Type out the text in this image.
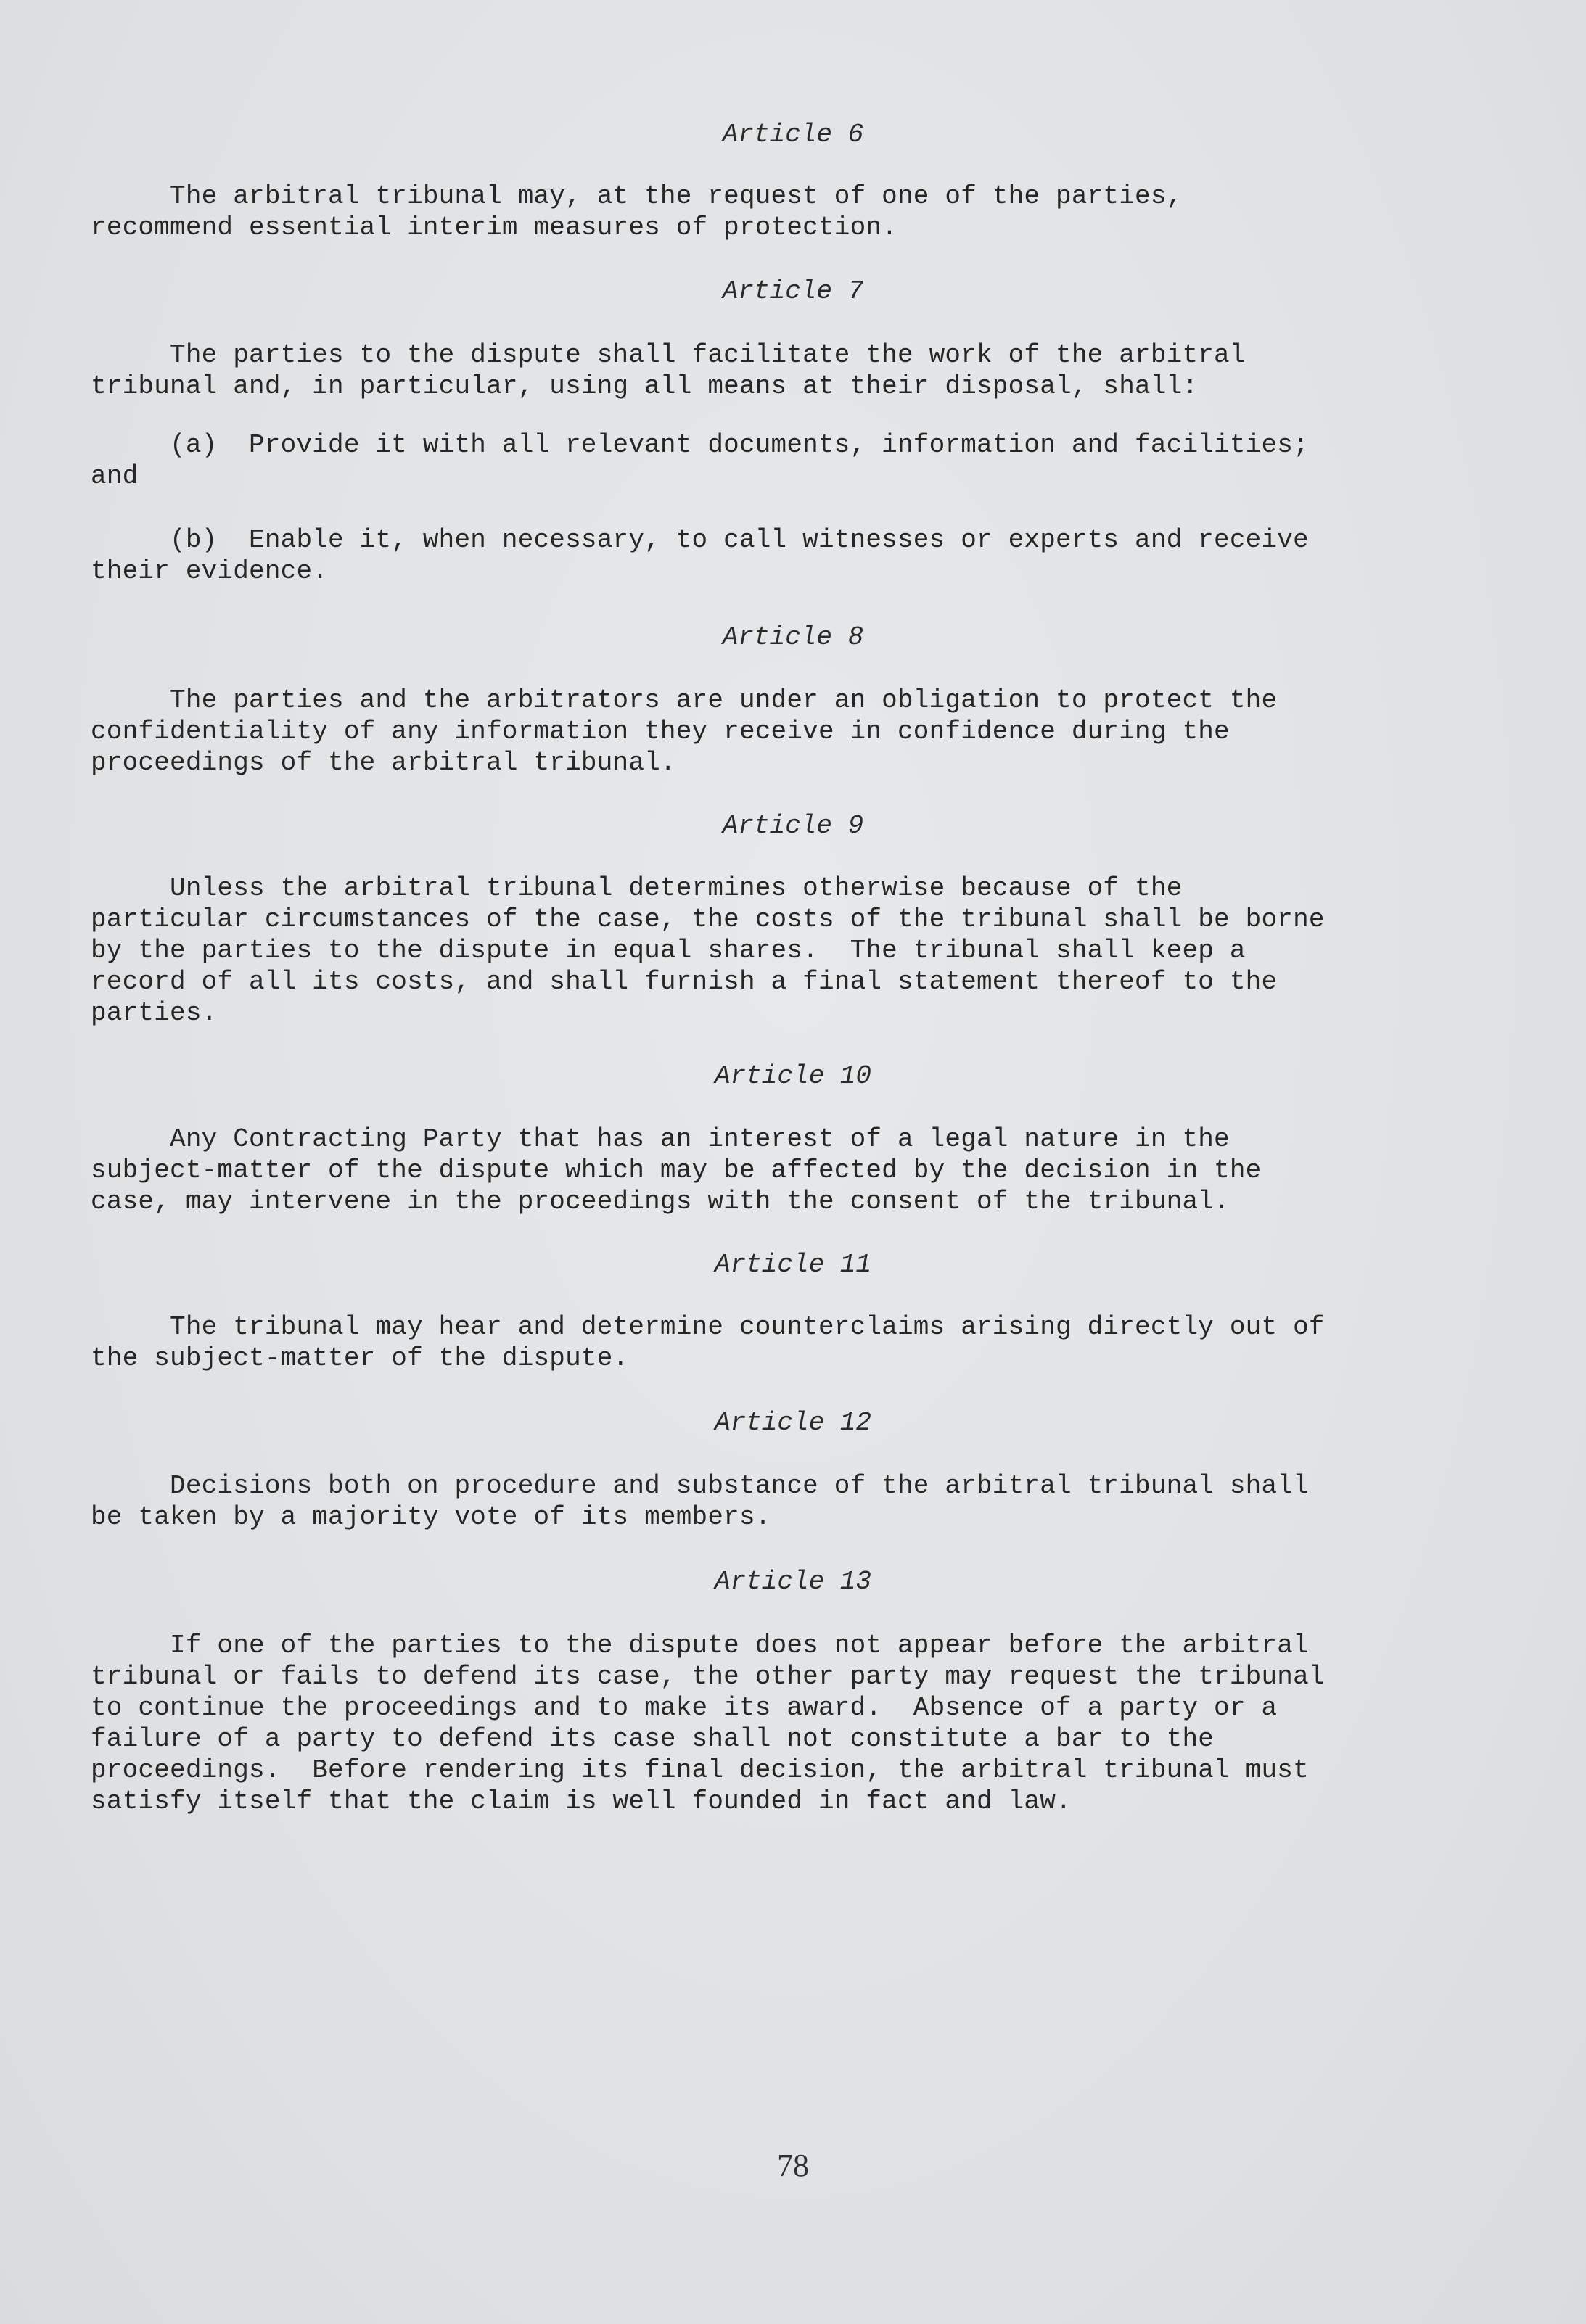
Article 6

The arbitral tribunal may, at the request of one of the parties,
recommend essential interim measures of protection.

Article 7

The parties to the dispute shall facilitate the work of the arbitral
tribunal and, in particular, using all means at their disposal, shall:

(a)  Provide it with all relevant documents, information and facilities;
and

(b)  Enable it, when necessary, to call witnesses or experts and receive
their evidence.

Article 8

The parties and the arbitrators are under an obligation to protect the
confidentiality of any information they receive in confidence during the
proceedings of the arbitral tribunal.

Article 9

Unless the arbitral tribunal determines otherwise because of the
particular circumstances of the case, the costs of the tribunal shall be borne
by the parties to the dispute in equal shares.  The tribunal shall keep a
record of all its costs, and shall furnish a final statement thereof to the
parties.

Article 10

Any Contracting Party that has an interest of a legal nature in the
subject-matter of the dispute which may be affected by the decision in the
case, may intervene in the proceedings with the consent of the tribunal.

Article 11

The tribunal may hear and determine counterclaims arising directly out of
the subject-matter of the dispute.

Article 12

Decisions both on procedure and substance of the arbitral tribunal shall
be taken by a majority vote of its members.

Article 13

If one of the parties to the dispute does not appear before the arbitral
tribunal or fails to defend its case, the other party may request the tribunal
to continue the proceedings and to make its award.  Absence of a party or a
failure of a party to defend its case shall not constitute a bar to the
proceedings.  Before rendering its final decision, the arbitral tribunal must
satisfy itself that the claim is well founded in fact and law.

78
